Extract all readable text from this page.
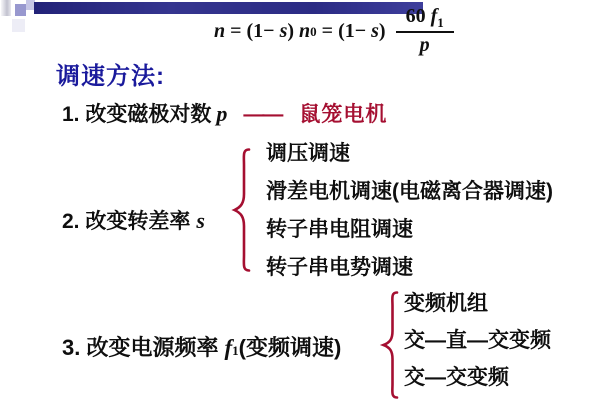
n = (1− s ) n 0 = (1− s ) $\frac{60 f_1}{p}$
调速方法:
1. 改变磁极对数 p —— 鼠笼电机
2. 改变转差率 s
调压调速
滑差电机调速(电磁离合器调速)
转子串电阻调速
转子串电势调速
3. 改变电源频率 f 1 (变频调速)
变频机组
交—直—交变频
交—交变频
